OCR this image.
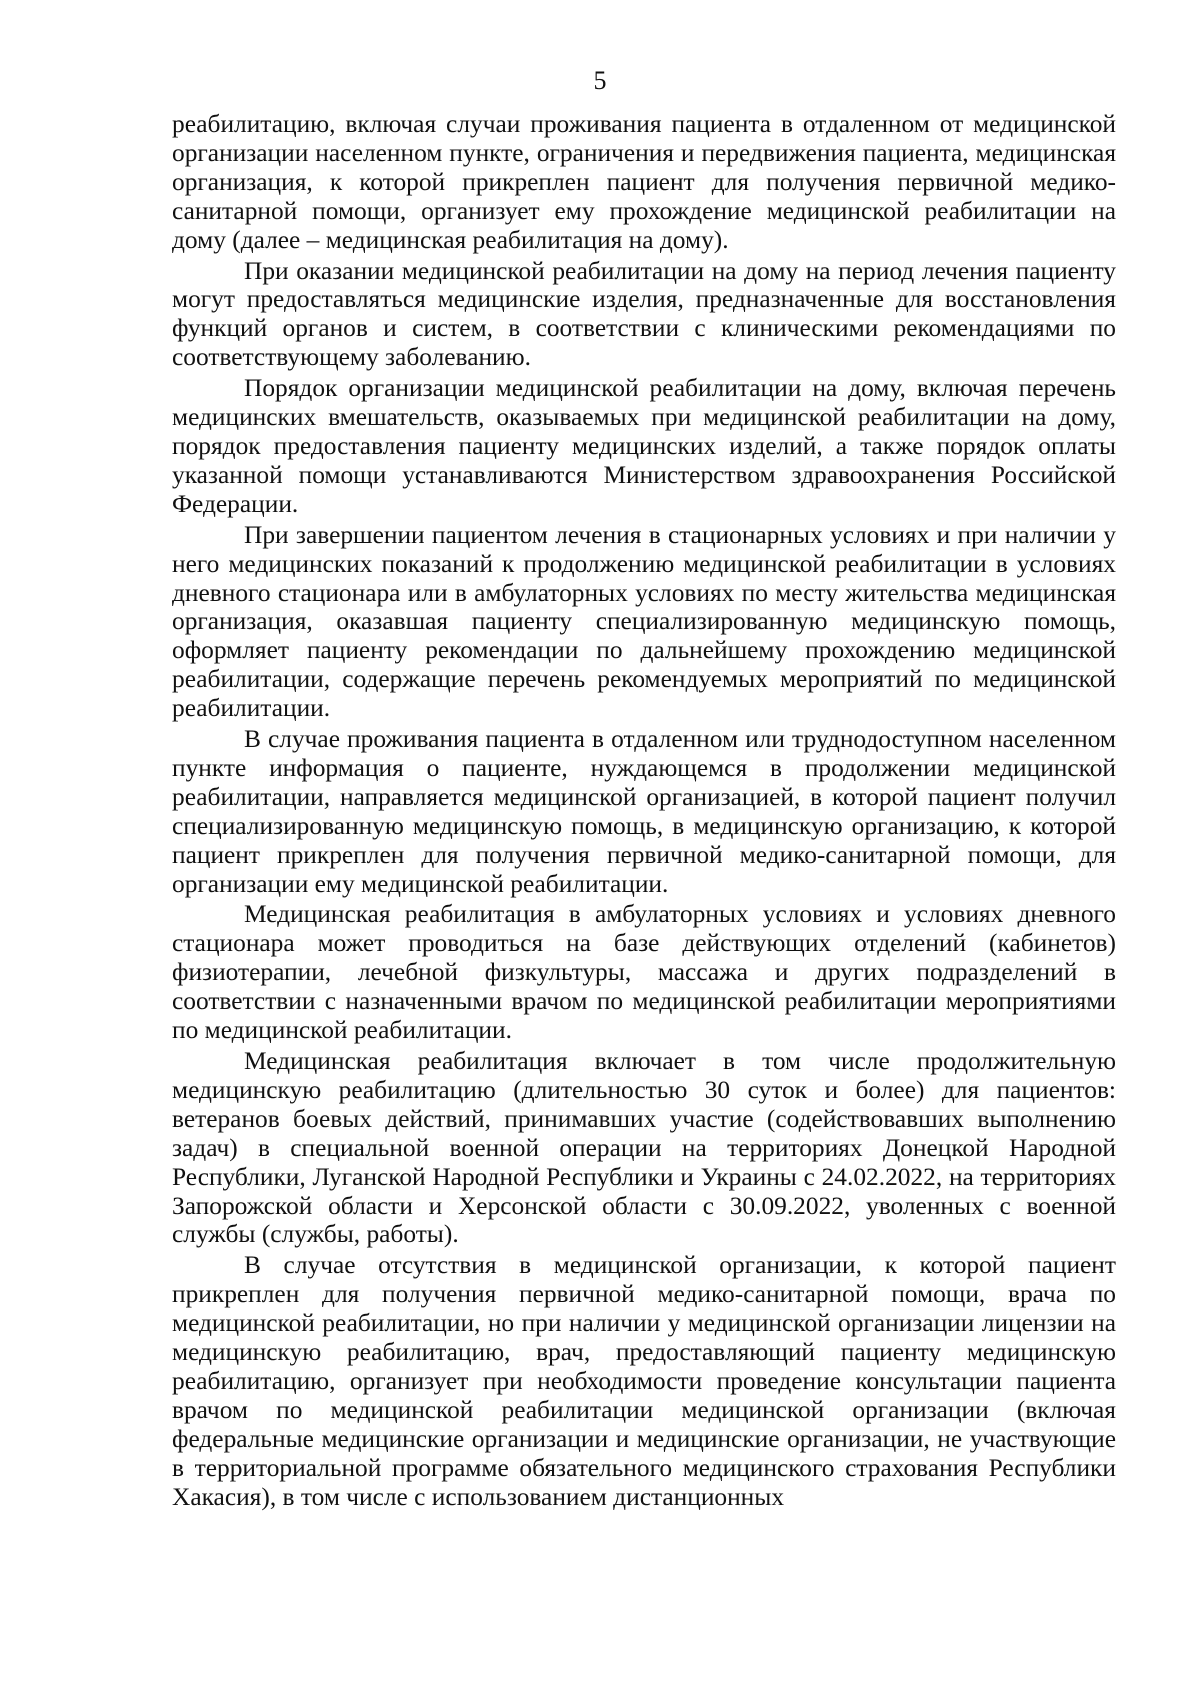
5

реабилитацию, включая случаи проживания пациента в отдаленном от медицинской организации населенном пункте, ограничения и передвижения пациента, медицинская организация, к которой прикреплен пациент для получения первичной медико-санитарной помощи, организует ему прохождение медицинской реабилитации на дому (далее – медицинская реабилитация на дому).

При оказании медицинской реабилитации на дому на период лечения пациенту могут предоставляться медицинские изделия, предназначенные для восстановления функций органов и систем, в соответствии с клиническими рекомендациями по соответствующему заболеванию.

Порядок организации медицинской реабилитации на дому, включая перечень медицинских вмешательств, оказываемых при медицинской реабилитации на дому, порядок предоставления пациенту медицинских изделий, а также порядок оплаты указанной помощи устанавливаются Министерством здравоохранения Российской Федерации.

При завершении пациентом лечения в стационарных условиях и при наличии у него медицинских показаний к продолжению медицинской реабилитации в условиях дневного стационара или в амбулаторных условиях по месту жительства медицинская организация, оказавшая пациенту специализированную медицинскую помощь, оформляет пациенту рекомендации по дальнейшему прохождению медицинской реабилитации, содержащие перечень рекомендуемых мероприятий по медицинской реабилитации.

В случае проживания пациента в отдаленном или труднодоступном населенном пункте информация о пациенте, нуждающемся в продолжении медицинской реабилитации, направляется медицинской организацией, в которой пациент получил специализированную медицинскую помощь, в медицинскую организацию, к которой пациент прикреплен для получения первичной медико-санитарной помощи, для организации ему медицинской реабилитации.

Медицинская реабилитация в амбулаторных условиях и условиях дневного стационара может проводиться на базе действующих отделений (кабинетов) физиотерапии, лечебной физкультуры, массажа и других подразделений в соответствии с назначенными врачом по медицинской реабилитации мероприятиями по медицинской реабилитации.

Медицинская реабилитация включает в том числе продолжительную медицинскую реабилитацию (длительностью 30 суток и более) для пациентов: ветеранов боевых действий, принимавших участие (содействовавших выполнению задач) в специальной военной операции на территориях Донецкой Народной Республики, Луганской Народной Республики и Украины с 24.02.2022, на территориях Запорожской области и Херсонской области с 30.09.2022, уволенных с военной службы (службы, работы).

В случае отсутствия в медицинской организации, к которой пациент прикреплен для получения первичной медико-санитарной помощи, врача по медицинской реабилитации, но при наличии у медицинской организации лицензии на медицинскую реабилитацию, врач, предоставляющий пациенту медицинскую реабилитацию, организует при необходимости проведение консультации пациента врачом по медицинской реабилитации медицинской организации (включая федеральные медицинские организации и медицинские организации, не участвующие в территориальной программе обязательного медицинского страхования Республики Хакасия), в том числе с использованием дистанционных
